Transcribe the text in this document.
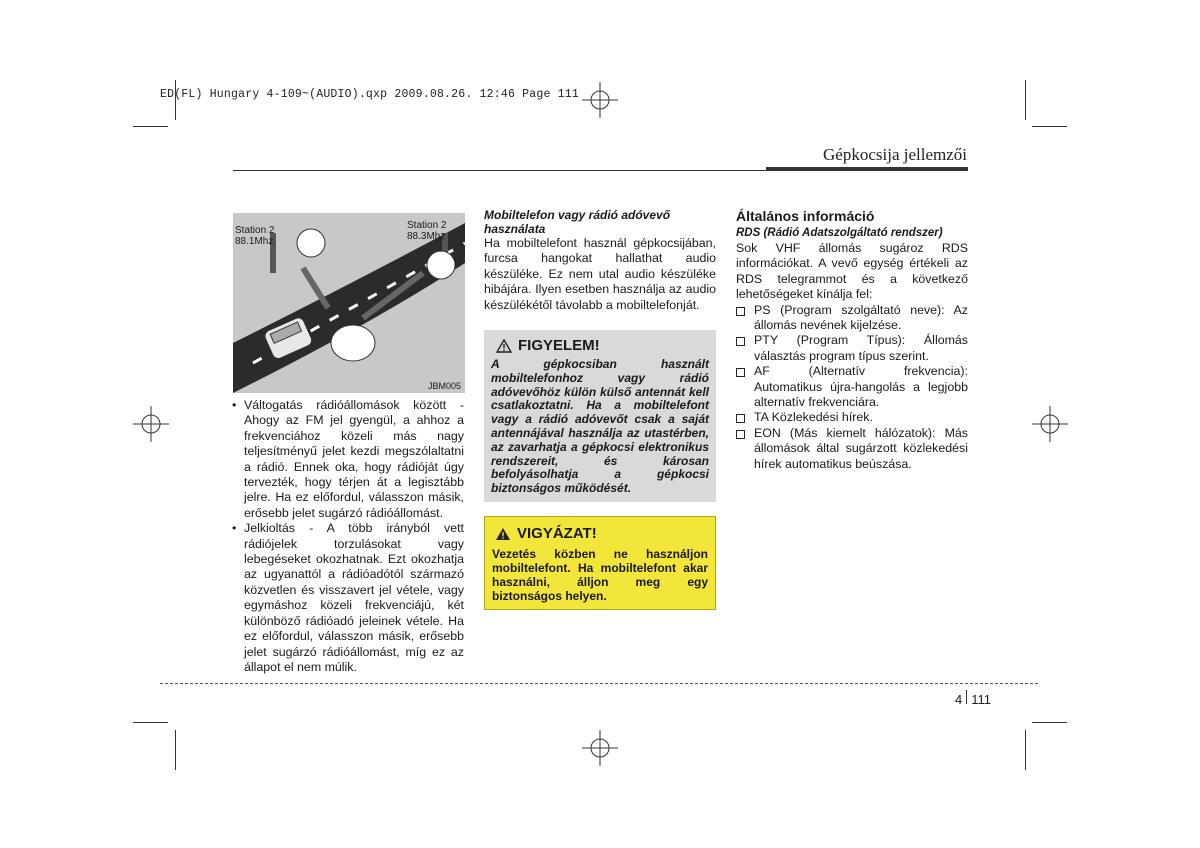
ED(FL) Hungary 4-109~(AUDIO).qxp 2009.08.26. 12:46 Page 111
Gépkocsija jellemzői
Station 2
88.1Mhz
Station 2
88.3Mhz
JBM005
• Váltogatás rádióállomások között - Ahogy az FM jel gyengül, a ahhoz a frekvenciához közeli más nagy teljesítményű jelet kezdi megszólaltatni a rádió. Ennek oka, hogy rádióját úgy tervezték, hogy térjen át a legisztább jelre. Ha ez előfordul, válasszon másik, erősebb jelet sugárzó rádióállomást.
• Jelkioltás - A több irányból vett rádiójelek torzulásokat vagy lebegéseket okozhatnak. Ezt okozhatja az ugyanattól a rádióadótól származó közvetlen és visszavert jel vétele, vagy egymáshoz közeli frekvenciájú, két különböző rádióadó jeleinek vétele. Ha ez előfordul, válasszon másik, erősebb jelet sugárzó rádióállomást, míg ez az állapot el nem múlik.
Mobiltelefon vagy rádió adóvevő használata
Ha mobiltelefont használ gépkocsijában, furcsa hangokat hallathat audio készüléke. Ez nem utal audio készüléke hibájára. Ilyen esetben használja az audio készülékétől távolabb a mobiltelefonját.
FIGYELEM!
A gépkocsiban használt mobiltelefonhoz vagy rádió adóvevőhöz külön külső antennát kell csatlakoztatni. Ha a mobiltelefont vagy a rádió adóvevőt csak a saját antennájával használja az utastérben, az zavarhatja a gépkocsi elektronikus rendszereit, és károsan befolyásolhatja a gépkocsi biztonságos működését.
VIGYÁZAT!
Vezetés közben ne használjon mobiltelefont. Ha mobiltelefont akar használni, álljon meg egy biztonságos helyen.
Általános információ
RDS (Rádió Adatszolgáltató rendszer)
Sok VHF állomás sugároz RDS információkat. A vevő egység értékeli az RDS telegrammot és a következő lehetőségeket kínálja fel:
PS (Program szolgáltató neve): Az állomás nevének kijelzése.
PTY (Program Típus): Állomás választás program típus szerint.
AF (Alternatív frekvencia): Automatikus újra-hangolás a legjobb alternatív frekvenciára.
TA Közlekedési hírek.
EON (Más kiemelt hálózatok): Más állomások által sugárzott közlekedési hírek automatikus beúszása.
4 111
